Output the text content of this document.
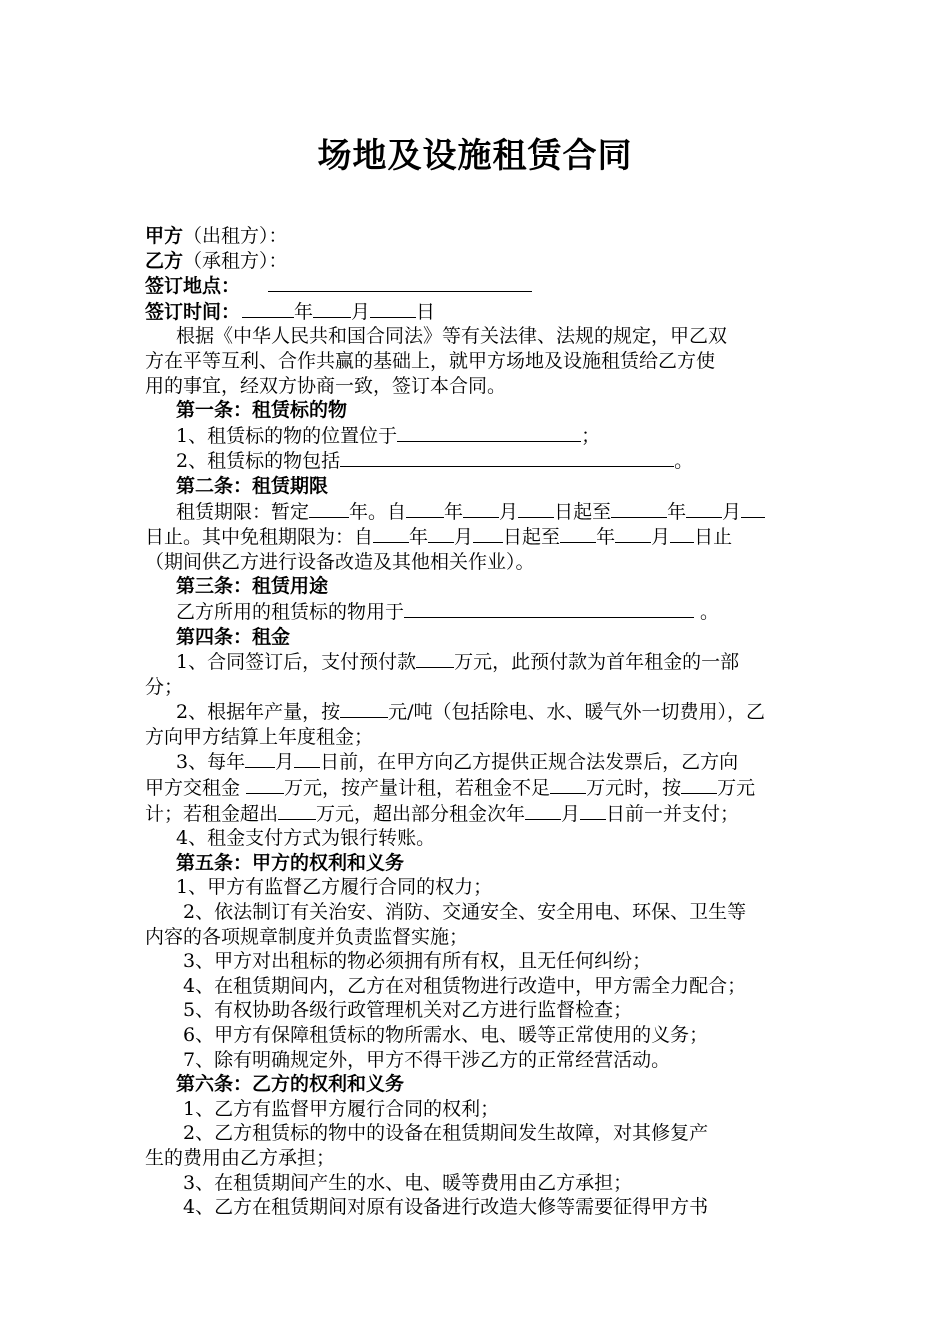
场地及设施租赁合同
甲方（出租方）：
乙方（承租方）：
签订地点：
签订时间：	年 月 日
根据《中华人民共和国合同法》等有关法律、法规的规定，甲乙双
方在平等互利、合作共赢的基础上，就甲方场地及设施租赁给乙方使
用的事宜，经双方协商一致，签订本合同。
第一条：租赁标的物
1、租赁标的物的位置位于	；
2、租赁标的物包括	。
第二条：租赁期限
租赁期限：暂定 年。自 年 月 日起至	年 月
日止。其中免租期限为：自 年 月 日起至 年 月 日止
（期间供乙方进行设备改造及其他相关作业）。
第三条：租赁用途
乙方所用的租赁标的物用于	。
第四条：租金
1、合同签订后，支付预付款 万元，此预付款为首年租金的一部
分；
2、根据年产量，按	元/吨（包括除电、水、暖气外一切费用），乙
方向甲方结算上年度租金；
3、每年 月 日前，在甲方向乙方提供正规合法发票后，乙方向
甲方交租金 万元，按产量计租，若租金不足 万元时，按 万元
计；若租金超出 万元，超出部分租金次年 月 日前一并支付；
4、租金支付方式为银行转账。
第五条：甲方的权利和义务
1、甲方有监督乙方履行合同的权力；
2、依法制订有关治安、消防、交通安全、安全用电、环保、卫生等
内容的各项规章制度并负责监督实施；
3、甲方对出租标的物必须拥有所有权，且无任何纠纷；
4、在租赁期间内，乙方在对租赁物进行改造中，甲方需全力配合；
5、有权协助各级行政管理机关对乙方进行监督检查；
6、甲方有保障租赁标的物所需水、电、暖等正常使用的义务；
7、除有明确规定外，甲方不得干涉乙方的正常经营活动。
第六条：乙方的权利和义务
1、乙方有监督甲方履行合同的权利；
2、乙方租赁标的物中的设备在租赁期间发生故障，对其修复产
生的费用由乙方承担；
3、在租赁期间产生的水、电、暖等费用由乙方承担；
4、乙方在租赁期间对原有设备进行改造大修等需要征得甲方书
